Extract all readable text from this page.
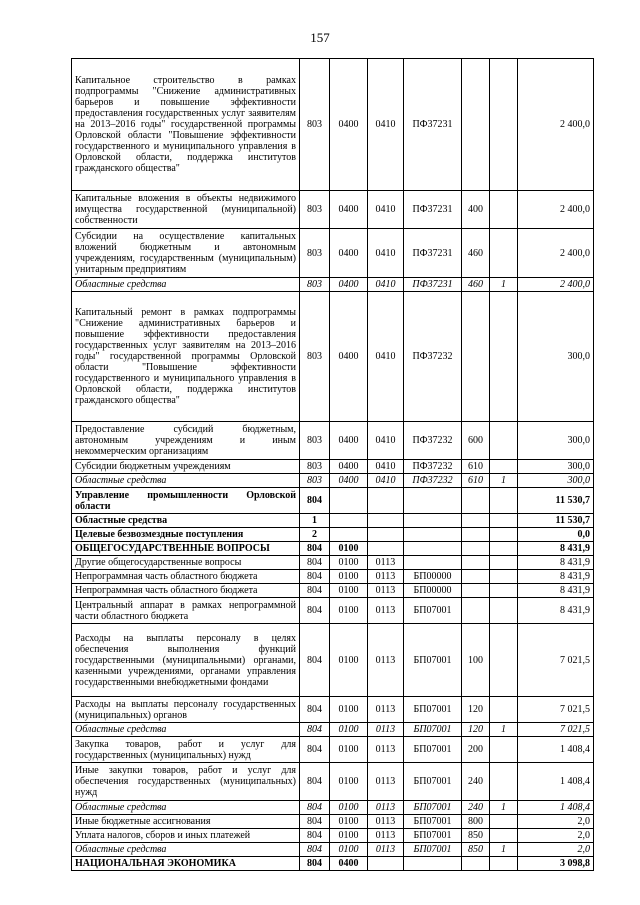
157
Капитальное строительство в рамках подпрограммы "Снижение административных барьеров и повышение эффективности предоставления государственных услуг заявителям на 2013–2016 годы" государственной программы Орловской области "Повышение эффективности государственного и муниципального управления в Орловской области, поддержка институтов гражданского общества"	803	0400	0410	ПФ37231			2 400,0
Капитальные вложения в объекты недвижимого имущества государственной (муниципальной) собственности	803	0400	0410	ПФ37231	400		2 400,0
Субсидии на осуществление капитальных вложений бюджетным и автономным учреждениям, государственным (муниципальным) унитарным предприятиям	803	0400	0410	ПФ37231	460		2 400,0
Областные средства	803	0400	0410	ПФ37231	460	1	2 400,0
Капитальный ремонт в рамках подпрограммы "Снижение административных барьеров и повышение эффективности предоставления государственных услуг заявителям на 2013–2016 годы" государственной программы Орловской области "Повышение эффективности государственного и муниципального управления в Орловской области, поддержка институтов гражданского общества"	803	0400	0410	ПФ37232			300,0
Предоставление субсидий бюджетным, автономным учреждениям и иным некоммерческим организациям	803	0400	0410	ПФ37232	600		300,0
Субсидии бюджетным учреждениям	803	0400	0410	ПФ37232	610		300,0
Областные средства	803	0400	0410	ПФ37232	610	1	300,0
Управление промышленности Орловской области	804						11 530,7
Областные средства	1						11 530,7
Целевые безвозмездные поступления	2						0,0
ОБЩЕГОСУДАРСТВЕННЫЕ ВОПРОСЫ	804	0100					8 431,9
Другие общегосударственные вопросы	804	0100	0113				8 431,9
Непрограммная часть областного бюджета	804	0100	0113	БП00000			8 431,9
Непрограммная часть областного бюджета	804	0100	0113	БП00000			8 431,9
Центральный аппарат в рамках непрограммной части областного бюджета	804	0100	0113	БП07001			8 431,9
Расходы на выплаты персоналу в целях обеспечения выполнения функций государственными (муниципальными) органами, казенными учреждениями, органами управления государственными внебюджетными фондами	804	0100	0113	БП07001	100		7 021,5
Расходы на выплаты персоналу государственных (муниципальных) органов	804	0100	0113	БП07001	120		7 021,5
Областные средства	804	0100	0113	БП07001	120	1	7 021,5
Закупка товаров, работ и услуг для государственных (муниципальных) нужд	804	0100	0113	БП07001	200		1 408,4
Иные закупки товаров, работ и услуг для обеспечения государственных (муниципальных) нужд	804	0100	0113	БП07001	240		1 408,4
Областные средства	804	0100	0113	БП07001	240	1	1 408,4
Иные бюджетные ассигнования	804	0100	0113	БП07001	800		2,0
Уплата налогов, сборов и иных платежей	804	0100	0113	БП07001	850		2,0
Областные средства	804	0100	0113	БП07001	850	1	2,0
НАЦИОНАЛЬНАЯ ЭКОНОМИКА	804	0400					3 098,8
